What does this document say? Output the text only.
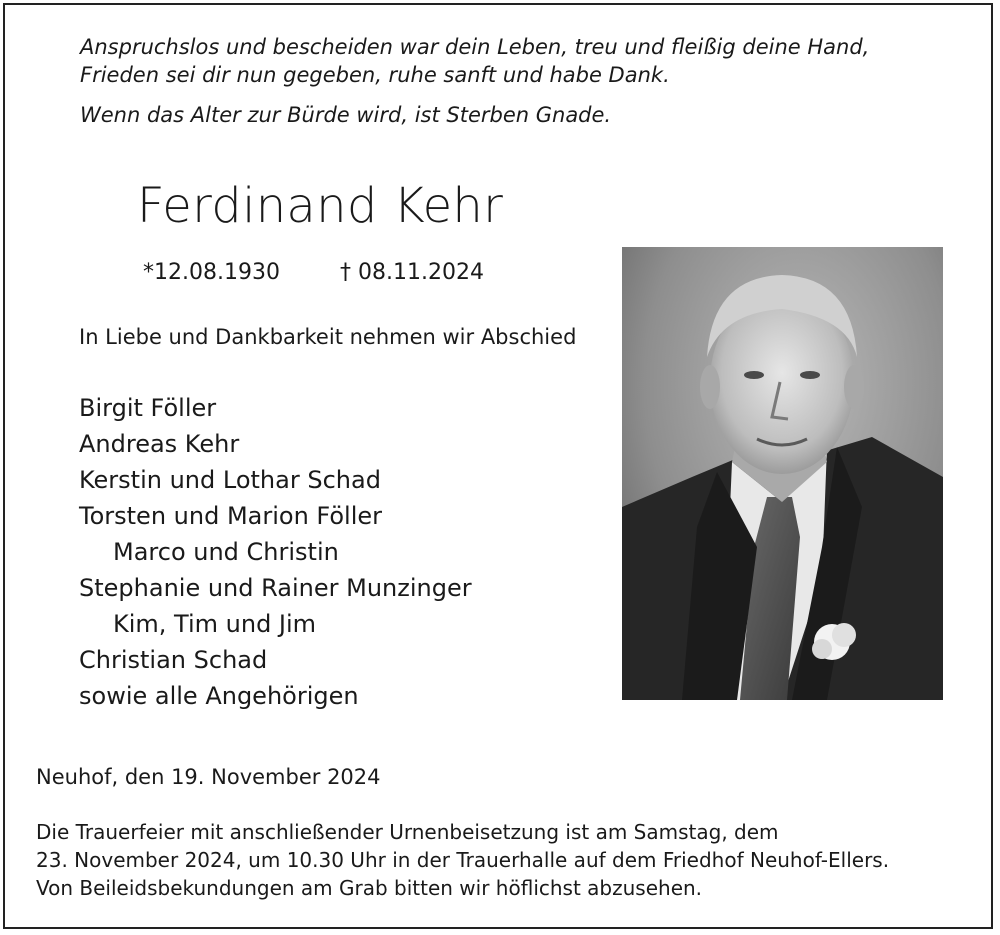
Anspruchslos und bescheiden war dein Leben, treu und fleißig deine Hand,
Frieden sei dir nun gegeben, ruhe sanft und habe Dank.
Wenn das Alter zur Bürde wird, ist Sterben Gnade.
Ferdinand Kehr
*12.08.1930	† 08.11.2024
In Liebe und Dankbarkeit nehmen wir Abschied
Birgit Föller
Andreas Kehr
Kerstin und Lothar Schad
Torsten und Marion Föller
Marco und Christin
Stephanie und Rainer Munzinger
Kim, Tim und Jim
Christian Schad
sowie alle Angehörigen
Neuhof, den 19. November 2024
Die Trauerfeier mit anschließender Urnenbeisetzung ist am Samstag, dem
23. November 2024, um 10.30 Uhr in der Trauerhalle auf dem Friedhof Neuhof-Ellers.
Von Beileidsbekundungen am Grab bitten wir höflichst abzusehen.
